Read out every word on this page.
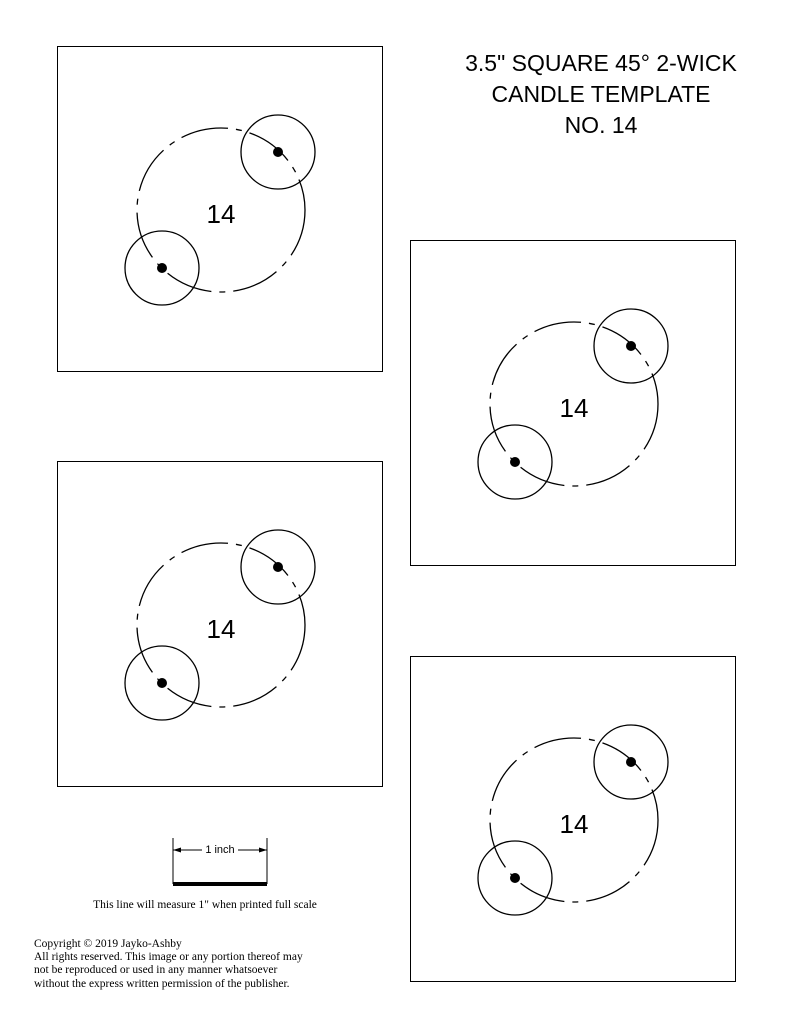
3.5" SQUARE 45° 2-WICK
CANDLE TEMPLATE
NO. 14
14
14
14
14
1 inch
This line will measure 1" when printed full scale
Copyright © 2019 Jayko-Ashby
All rights reserved. This image or any portion thereof may
not be reproduced or used in any manner whatsoever
without the express written permission of the publisher.
